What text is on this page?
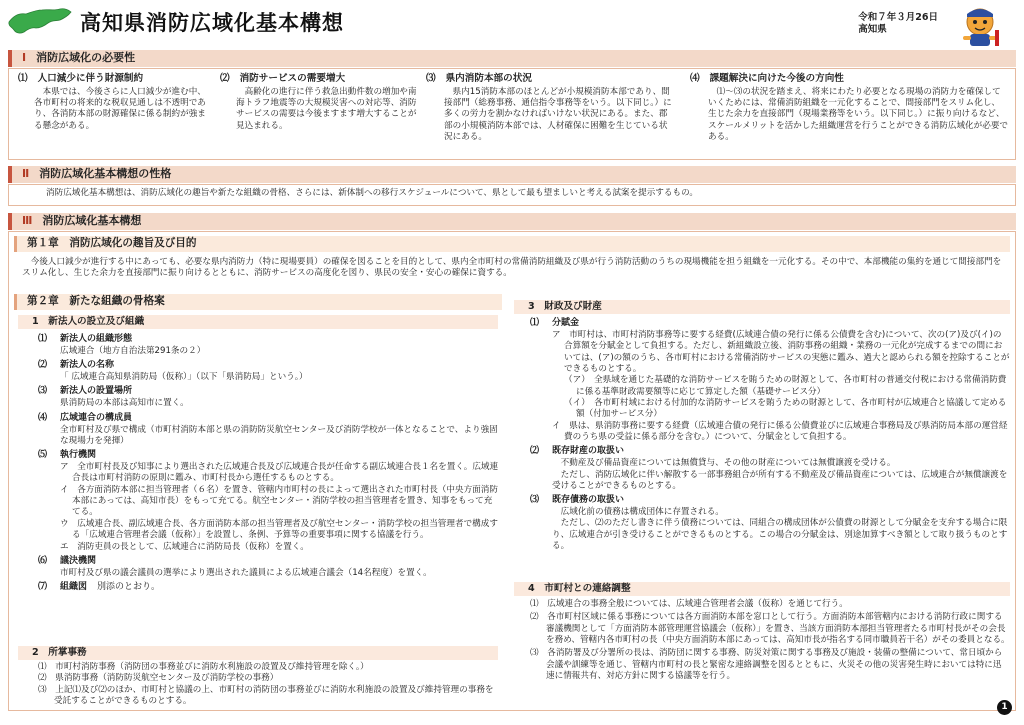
高知県消防広域化基本構想	令和７年３月26日
高知県
Ⅰ 消防広域化の必要性
⑴ 人口減少に伴う財源制約
本県では、今後さらに人口減少が進む中、各市町村の将来的な税収見通しは不透明であり、各消防本部の財源確保に係る制約が強まる懸念がある。
⑵ 消防サービスの需要増大
高齢化の進行に伴う救急出動件数の増加や南海トラフ地震等の大規模災害への対応等、消防サービスの需要は今後ますます増大することが見込まれる。
⑶ 県内消防本部の状況
県内15消防本部のほとんどが小規模消防本部であり、間接部門（総務事務、通信指令事務等をいう。以下同じ。）に多くの労力を割かなければいけない状況にある。また、郡部の小規模消防本部では、人材確保に困難を生じている状況にある。
⑷ 課題解決に向けた今後の方向性
⑴～⑶の状況を踏まえ、将来にわたり必要となる現場の消防力を確保していくためには、常備消防組織を一元化することで、間接部門をスリム化し、生じた余力を直接部門（現場業務等をいう。以下同じ。）に振り向けるなど、スケールメリットを活かした組織運営を行うことができる消防広域化が必要である。
Ⅱ 消防広域化基本構想の性格
消防広域化基本構想は、消防広域化の趣旨や新たな組織の骨格、さらには、新体制への移行スケジュールについて、県として最も望ましいと考える試案を提示するもの。
Ⅲ 消防広域化基本構想
第１章　消防広域化の趣旨及び目的
今後人口減少が進行する中にあっても、必要な県内消防力（特に現場要員）の確保を図ることを目的として、県内全市町村の常備消防組織及び県が行う消防活動のうちの現場機能を担う組織を一元化する。その中で、本部機能の集約を通じて間接部門をスリム化し、生じた余力を直接部門に振り向けるとともに、消防サービスの高度化を図り、県民の安全・安心の確保に資する。
第２章　新たな組織の骨格案
1　新法人の設立及び組織
⑴ 新法人の組織形態
広域連合（地方自治法第291条の２）
⑵ 新法人の名称
「 広域連合高知県消防局（仮称）」（以下「県消防局」という。）
⑶ 新法人の設置場所
県消防局の本部は高知市に置く。
⑷ 広域連合の構成員
全市町村及び県で構成（市町村消防本部と県の消防防災航空センター及び消防学校が一体となることで、より強固な現場力を発揮）
⑸ 執行機関
ア　全市町村長及び知事により選出された広域連合長及び広域連合長が任命する副広域連合長１名を置く。広域連合長は市町村消防の原則に鑑み、市町村長から選任するものとする。
イ　各方面消防本部に担当管理者（６名）を置き、管轄内市町村の長によって選出された市町村長（中央方面消防本部にあっては、高知市長）をもって充てる。航空センター・消防学校の担当管理者を置き、知事をもって充てる。
ウ　広域連合長、副広域連合長、各方面消防本部の担当管理者及び航空センター・消防学校の担当管理者で構成する「広域連合管理者会議（仮称）」を設置し、条例、予算等の重要事項に関する協議を行う。
エ　消防吏員の長として、広域連合に消防局長（仮称）を置く。
⑹ 議決機関
市町村及び県の議会議員の選挙により選出された議員による広域連合議会（14名程度）を置く。
⑺ 組織図 別添のとおり。
2　所掌事務
⑴　 市町村消防事務（消防団の事務並びに消防水利施設の設置及び維持管理を除く。）
⑵　 県消防事務（消防防災航空センター及び消防学校の事務）
⑶　 上記⑴及び⑵のほか、市町村と協議の上、市町村の消防団の事務並びに消防水利施設の設置及び維持管理の事務を受託することができるものとする。
3　財政及び財産
⑴ 分賦金
ア　市町村は、市町村消防事務等に要する経費(広域連合債の発行に係る公債費を含む)について、次の(ア)及び(イ)の合算額を分賦金として負担する。ただし、新組織設立後、消防事務の組織・業務の一元化が完成するまでの間においては、(ア)の額のうち、各市町村における常備消防サービスの実態に鑑み、過大と認められる額を控除することができるものとする。
（ア）　全県域を通じた基礎的な消防サービスを賄うための財源として、各市町村の普通交付税における常備消防費に係る基準財政需要額等に応じて算定した額（基礎サービス分）
（イ）　各市町村域における付加的な消防サービスを賄うための財源として、各市町村が広域連合と協議して定める額（付加サービス分）
イ　県は、県消防事務に要する経費（広域連合債の発行に係る公債費並びに広域連合事務局及び県消防局本部の運営経費のうち県の受益に係る部分を含む。）について、分賦金として負担する。
⑵ 既存財産の取扱い
不動産及び備品資産については無償貸与、その他の財産については無償譲渡を受ける。
ただし、消防広域化に伴い解散する一部事務組合が所有する不動産及び備品資産については、広域連合が無償譲渡を受けることができるものとする。
⑶ 既存債務の取扱い
広域化前の債務は構成団体に存置される。
ただし、⑵のただし書きに伴う債務については、同組合の構成団体が公債費の財源として分賦金を支弁する場合に限り、広域連合が引き受けることができるものとする。この場合の分賦金は、別途加算すべき額として取り扱うものとする。
4　市町村との連絡調整
⑴　 広域連合の事務全般については、広域連合管理者会議（仮称）を通じて行う。
⑵　 各市町村区域に係る事務については各方面消防本部を窓口として行う。方面消防本部管轄内における消防行政に関する審議機関として「方面消防本部管理運営協議会（仮称）」を置き、当該方面消防本部担当管理者たる市町村長がその会長を務め、管轄内各市町村の長（中央方面消防本部にあっては、高知市長が指名する同市職員若干名）がその委員となる。
⑶　 各消防署及び分署所の長は、消防団に関する事務、防災対策に関する事務及び施設・装備の整備について、常日頃から会議や訓練等を通じ、管轄内市町村の長と緊密な連絡調整を図るとともに、火災その他の災害発生時においては特に迅速に情報共有、対応方針に関する協議等を行う。
1
